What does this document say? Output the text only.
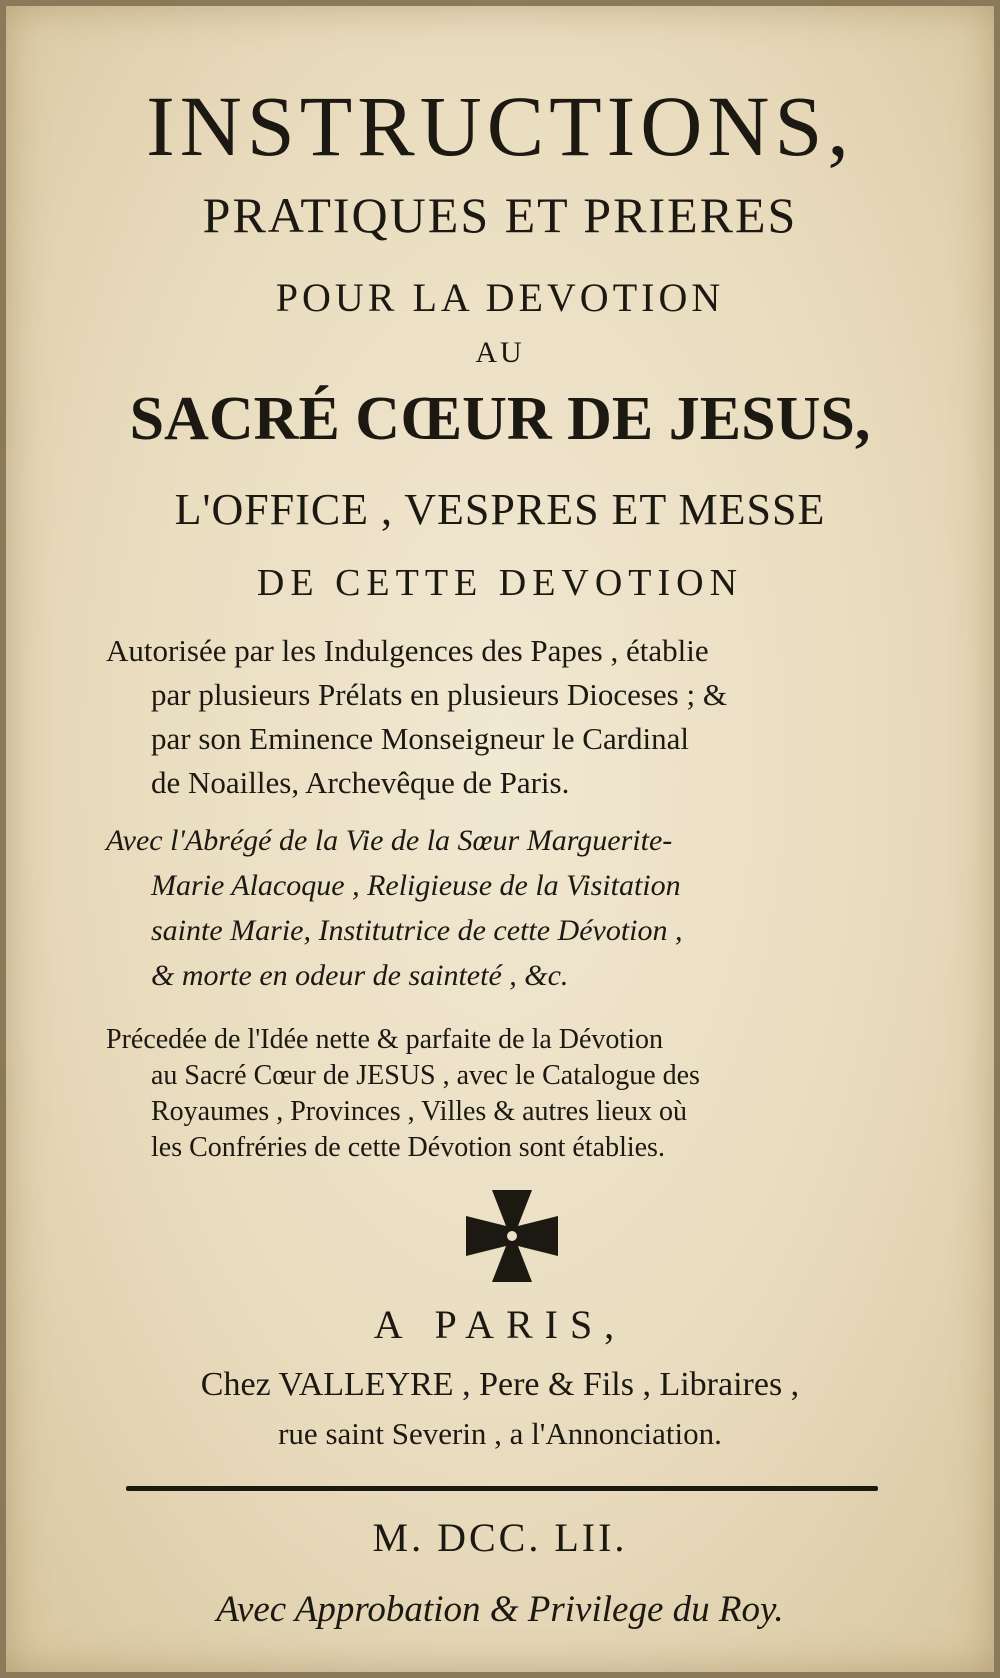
INSTRUCTIONS,
PRATIQUES ET PRIERES
POUR LA DEVOTION
AU
SACRÉ CŒUR DE JESUS,
L'OFFICE , VESPRES ET MESSE
DE CETTE DEVOTION

Autorisée par les Indulgences des Papes , établie

par plusieurs Prélats en plusieurs Dioceses ; &

par son Eminence Monseigneur le Cardinal

de Noailles, Archevêque de Paris.

Avec l'Abrégé de la Vie de la Sœur Marguerite-

Marie Alacoque , Religieuse de la Visitation

sainte Marie, Institutrice de cette Dévotion ,

& morte en odeur de sainteté , &c.

Précedée de l'Idée nette & parfaite de la Dévotion

au Sacré Cœur de JESUS , avec le Catalogue des

Royaumes , Provinces , Villes & autres lieux où

les Confréries de cette Dévotion sont établies.

A PARIS,
Chez VALLEYRE , Pere & Fils , Libraires ,
rue saint Severin , a l'Annonciation.
M. DCC. LII.
Avec Approbation & Privilege du Roy.
